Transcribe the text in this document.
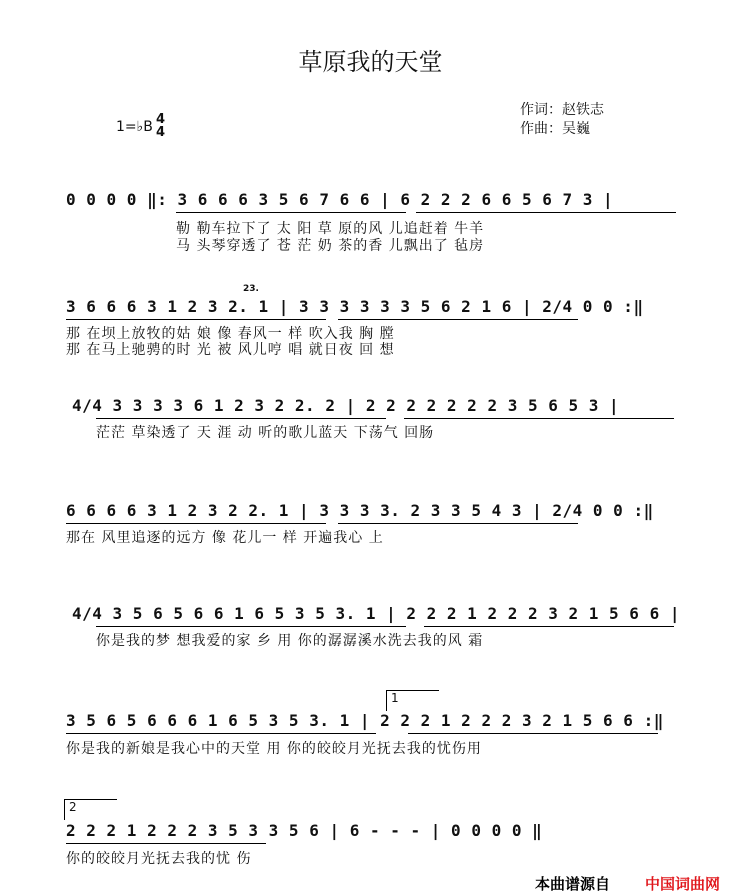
草原我的天堂
作词：赵铁志
作曲：吴巍
1=♭B 4
4
0 0 0 0 ‖: 3 6 6 6 3 5 6 7 6 6 | 6 2 2 2 6 6 5 6 7 3 |
勒 勒车拉下了 太 阳 草 原的风 儿追赶着 牛羊
马 头琴穿透了 苍 茫 奶 茶的香 儿飘出了 毡房
23.
3 6 6 6 3 1 2 3 2. 1 | 3 3 3 3 3 3 5 6 2 1 6 | 2/4 0 0 :‖
那 在坝上放牧的姑 娘 像 春风一 样 吹入我 胸 膛
那 在马上驰骋的时 光 被 风儿哼 唱 就日夜 回 想
4/4 3 3 3 3 6 1 2 3 2 2. 2 | 2 2 2 2 2 2 2 3 5 6 5 3 |
茫茫 草染透了 天 涯 动 听的歌儿蓝天 下荡气 回肠
6 6 6 6 3 1 2 3 2 2. 1 | 3 3 3 3. 2 3 3 5 4 3 | 2/4 0 0 :‖
那在 风里追逐的远方 像 花儿一 样 开遍我心 上
4/4 3 5 6 5 6 6 1 6 5 3 5 3. 1 | 2 2 2 1 2 2 2 3 2 1 5 6 6 |
你是我的梦 想我爱的家 乡 用 你的潺潺溪水洗去我的风 霜
1
3 5 6 5 6 6 6 1 6 5 3 5 3. 1 | 2 2 2 1 2 2 2 3 2 1 5 6 6 :‖
你是我的新娘是我心中的天堂 用 你的皎皎月光抚去我的忧伤用
2
2 2 2 1 2 2 2 3 5 3 3 5 6 | 6 - - - | 0 0 0 0 ‖
你的皎皎月光抚去我的忧 伤
本曲谱源自 中国词曲网
